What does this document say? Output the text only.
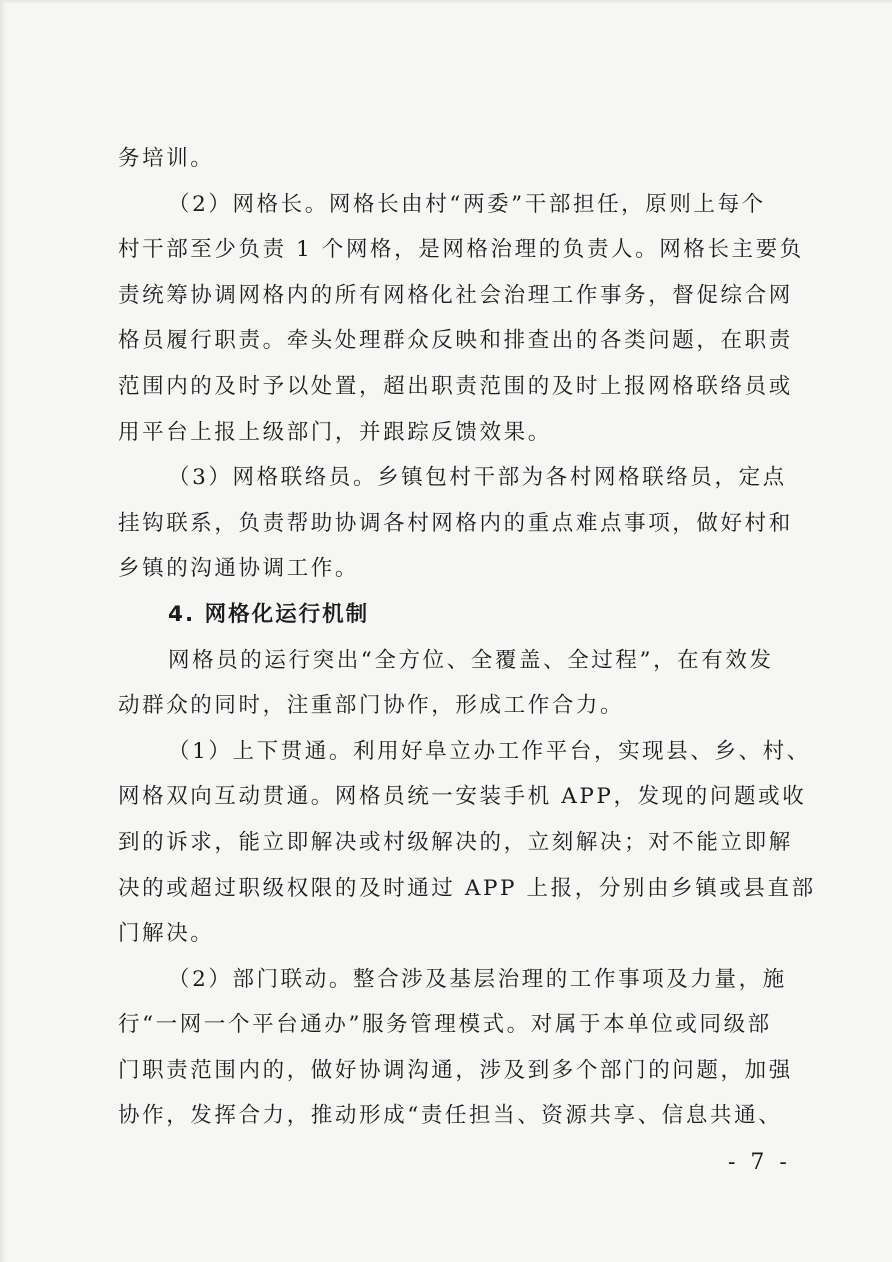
务培训。
（2）网格长。网格长由村“两委”干部担任，原则上每个
村干部至少负责 1 个网格，是网格治理的负责人。网格长主要负
责统筹协调网格内的所有网格化社会治理工作事务，督促综合网
格员履行职责。牵头处理群众反映和排查出的各类问题，在职责
范围内的及时予以处置，超出职责范围的及时上报网格联络员或
用平台上报上级部门，并跟踪反馈效果。
（3）网格联络员。乡镇包村干部为各村网格联络员，定点
挂钩联系，负责帮助协调各村网格内的重点难点事项，做好村和
乡镇的沟通协调工作。
4. 网格化运行机制
网格员的运行突出“全方位、全覆盖、全过程”，在有效发
动群众的同时，注重部门协作，形成工作合力。
（1）上下贯通。利用好阜立办工作平台，实现县、乡、村、
网格双向互动贯通。网格员统一安装手机 APP，发现的问题或收
到的诉求，能立即解决或村级解决的，立刻解决；对不能立即解
决的或超过职级权限的及时通过 APP 上报，分别由乡镇或县直部
门解决。
（2）部门联动。整合涉及基层治理的工作事项及力量，施
行“一网一个平台通办”服务管理模式。对属于本单位或同级部
门职责范围内的，做好协调沟通，涉及到多个部门的问题，加强
协作，发挥合力，推动形成“责任担当、资源共享、信息共通、
- 7 -
